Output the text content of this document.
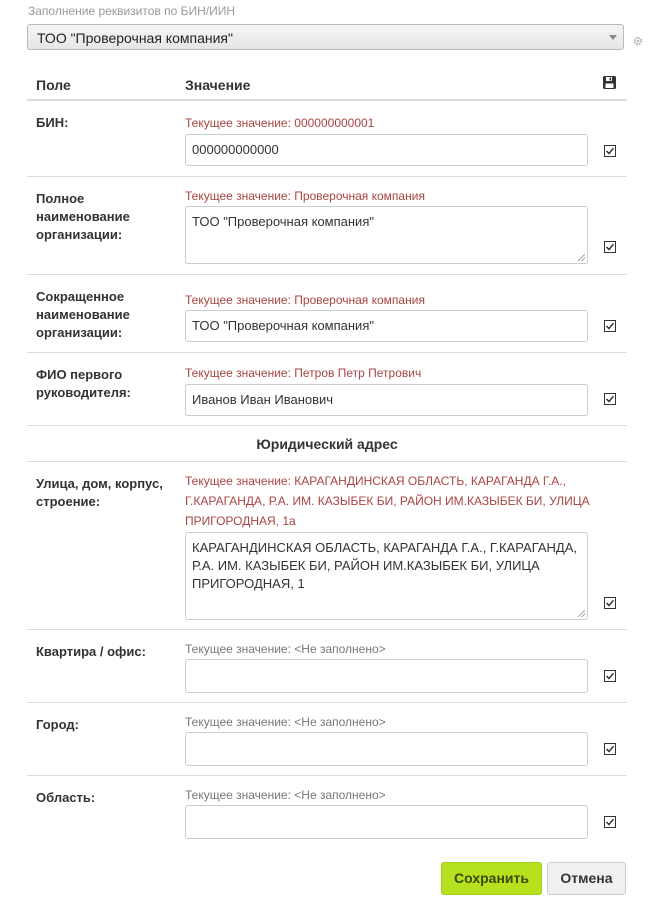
Заполнение реквизитов по БИН/ИИН
ТОО "Проверочная компания"
Поле	Значение
БИН:	Текущее значение: 000000000001
000000000000
Полное наименование организации:
Текущее значение: Проверочная компания
ТОО "Проверочная компания"
Сокращенное наименование организации:
Текущее значение: Проверочная компания
ТОО "Проверочная компания"
ФИО первого руководителя:
Текущее значение: Петров Петр Петрович
Иванов Иван Иванович
Юридический адрес
Улица, дом, корпус, строение:
Текущее значение: КАРАГАНДИНСКАЯ ОБЛАСТЬ, КАРАГАНДА Г.А., Г.КАРАГАНДА, Р.А. ИМ. КАЗЫБЕК БИ, РАЙОН ИМ.КАЗЫБЕК БИ, УЛИЦА ПРИГОРОДНАЯ, 1а
КАРАГАНДИНСКАЯ ОБЛАСТЬ, КАРАГАНДА Г.А., Г.КАРАГАНДА, Р.А. ИМ. КАЗЫБЕК БИ, РАЙОН ИМ.КАЗЫБЕК БИ, УЛИЦА ПРИГОРОДНАЯ, 1
Квартира / офис:	Текущее значение: <Не заполнено>
Город:	Текущее значение: <Не заполнено>
Область:	Текущее значение: <Не заполнено>
Сохранить	Отмена
